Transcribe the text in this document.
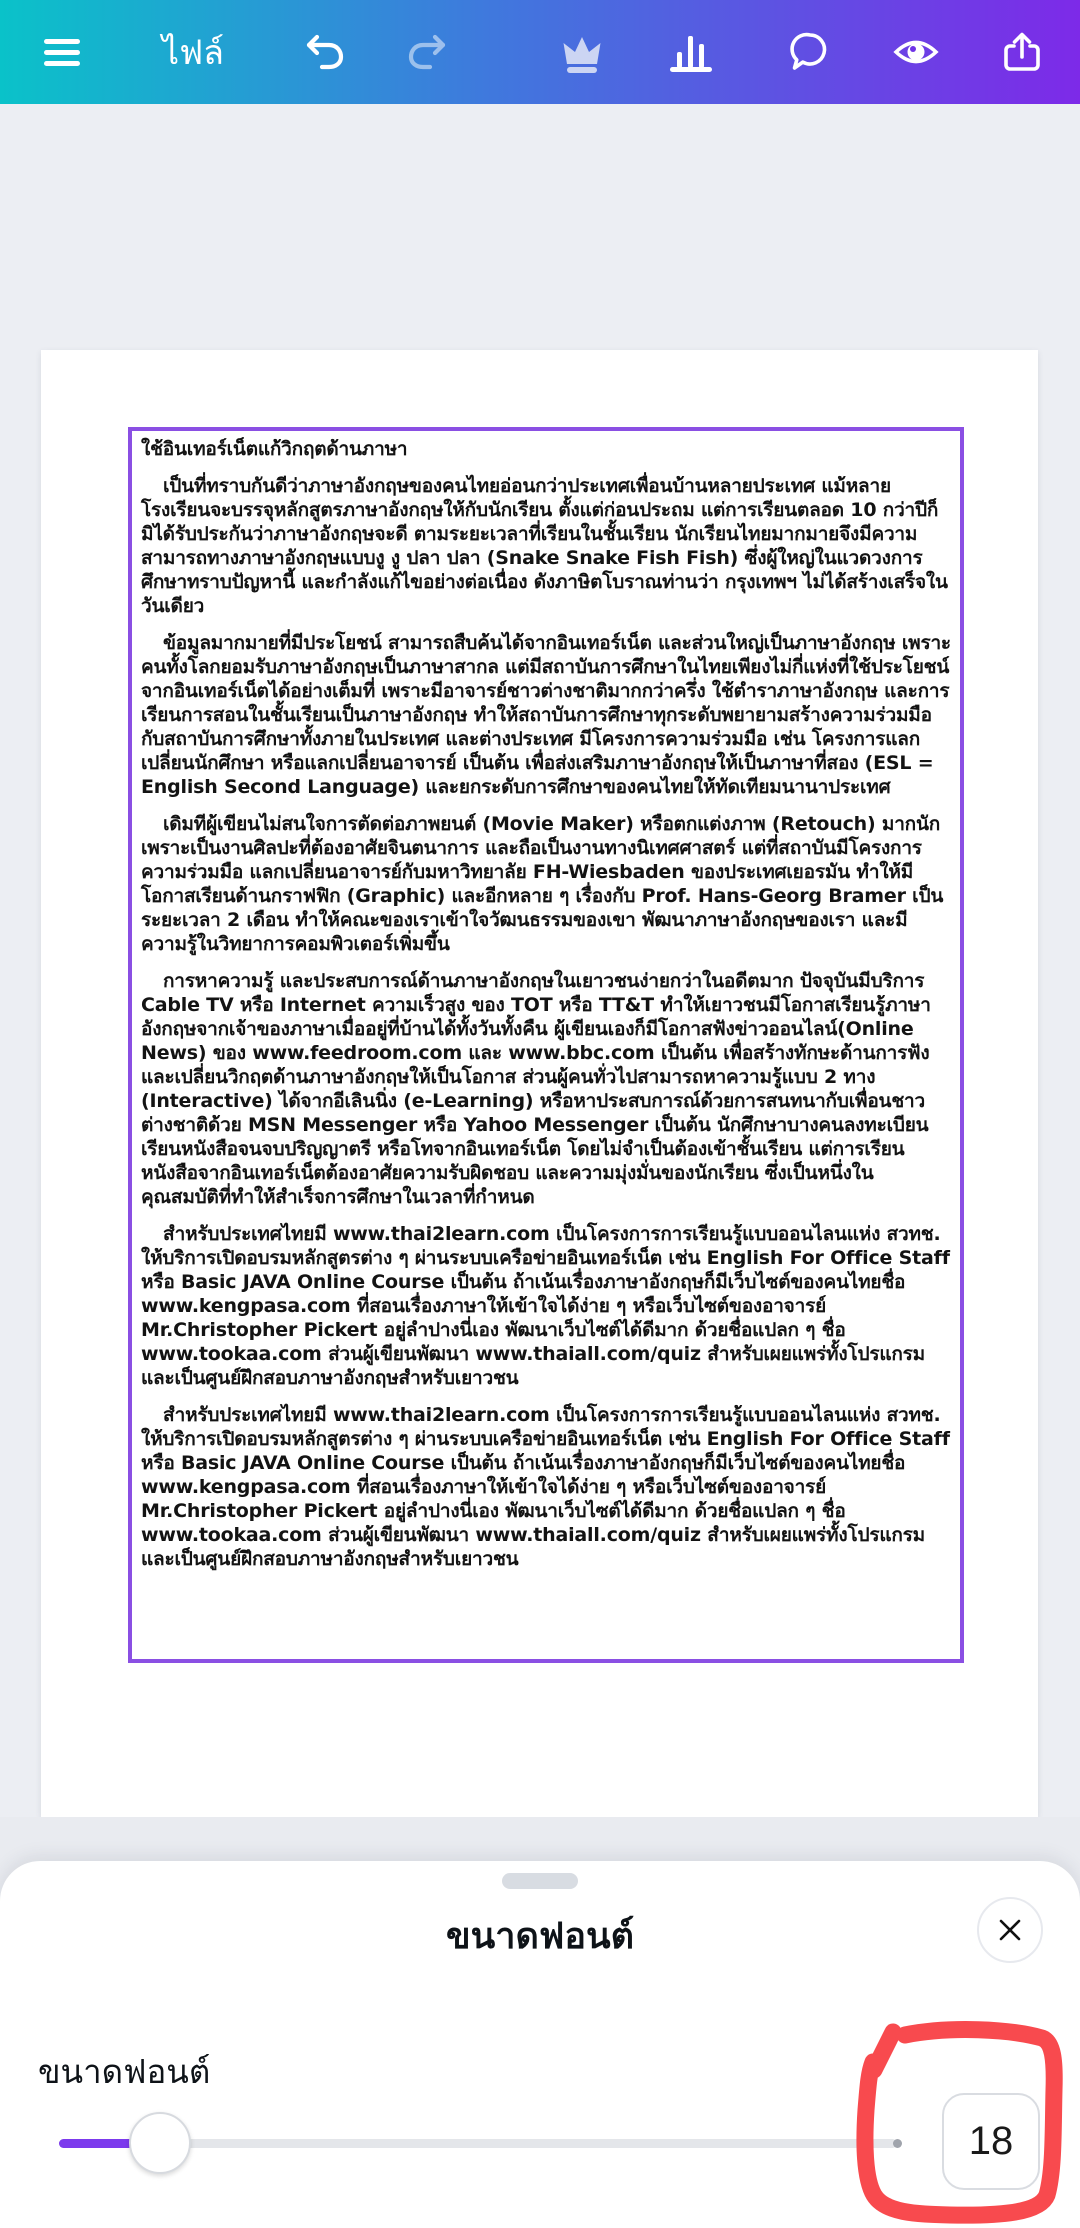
ไฟล์

ใช้อินเทอร์เน็ตแก้วิกฤตด้านภาษา

เป็นที่ทราบกันดีว่าภาษาอังกฤษของคนไทยอ่อนกว่าประเทศเพื่อนบ้านหลายประเทศ แม้หลายโรงเรียนจะบรรจุหลักสูตรภาษาอังกฤษให้กับนักเรียน ตั้งแต่ก่อนประถม แต่การเรียนตลอด 10 กว่าปีก็มิได้รับประกันว่าภาษาอังกฤษจะดี ตามระยะเวลาที่เรียนในชั้นเรียน นักเรียนไทยมากมายจึงมีความสามารถทางภาษาอังกฤษแบบงู งู ปลา ปลา (Snake Snake Fish Fish) ซึ่งผู้ใหญ่ในแวดวงการศึกษาทราบปัญหานี้ และกำลังแก้ไขอย่างต่อเนื่อง ดังภาษิตโบราณท่านว่า กรุงเทพฯ ไม่ได้สร้างเสร็จในวันเดียว

ข้อมูลมากมายที่มีประโยชน์ สามารถสืบค้นได้จากอินเทอร์เน็ต และส่วนใหญ่เป็นภาษาอังกฤษ เพราะคนทั้งโลกยอมรับภาษาอังกฤษเป็นภาษาสากล แต่มีสถาบันการศึกษาในไทยเพียงไม่กี่แห่งที่ใช้ประโยชน์จากอินเทอร์เน็ตได้อย่างเต็มที่ เพราะมีอาจารย์ชาวต่างชาติมากกว่าครึ่ง ใช้ตำราภาษาอังกฤษ และการเรียนการสอนในชั้นเรียนเป็นภาษาอังกฤษ ทำให้สถาบันการศึกษาทุกระดับพยายามสร้างความร่วมมือกับสถาบันการศึกษาทั้งภายในประเทศ และต่างประเทศ มีโครงการความร่วมมือ เช่น โครงการแลกเปลี่ยนนักศึกษา หรือแลกเปลี่ยนอาจารย์ เป็นต้น เพื่อส่งเสริมภาษาอังกฤษให้เป็นภาษาที่สอง (ESL = English Second Language) และยกระดับการศึกษาของคนไทยให้ทัดเทียมนานาประเทศ

เดิมทีผู้เขียนไม่สนใจการตัดต่อภาพยนต์ (Movie Maker) หรือตกแต่งภาพ (Retouch) มากนัก เพราะเป็นงานศิลปะที่ต้องอาศัยจินตนาการ และถือเป็นงานทางนิเทศศาสตร์ แต่ที่สถาบันมีโครงการความร่วมมือ แลกเปลี่ยนอาจารย์กับมหาวิทยาลัย FH-Wiesbaden ของประเทศเยอรมัน ทำให้มีโอกาสเรียนด้านกราฟฟิก (Graphic) และอีกหลาย ๆ เรื่องกับ Prof. Hans-Georg Bramer เป็นระยะเวลา 2 เดือน ทำให้คณะของเราเข้าใจวัฒนธรรมของเขา พัฒนาภาษาอังกฤษของเรา และมีความรู้ในวิทยาการคอมพิวเตอร์เพิ่มขึ้น

การหาความรู้ และประสบการณ์ด้านภาษาอังกฤษในเยาวชนง่ายกว่าในอดีตมาก ปัจจุบันมีบริการ Cable TV หรือ Internet ความเร็วสูง ของ TOT หรือ TT&T ทำให้เยาวชนมีโอกาสเรียนรู้ภาษาอังกฤษจากเจ้าของภาษาเมื่ออยู่ที่บ้านได้ทั้งวันทั้งคืน ผู้เขียนเองก็มีโอกาสฟังข่าวออนไลน์(Online News) ของ www.feedroom.com และ www.bbc.com เป็นต้น เพื่อสร้างทักษะด้านการฟัง และเปลี่ยนวิกฤตด้านภาษาอังกฤษให้เป็นโอกาส ส่วนผู้คนทั่วไปสามารถหาความรู้แบบ 2 ทาง (Interactive) ได้จากอีเลินนิ่ง (e-Learning) หรือหาประสบการณ์ด้วยการสนทนากับเพื่อนชาวต่างชาติด้วย MSN Messenger หรือ Yahoo Messenger เป็นต้น นักศึกษาบางคนลงทะเบียนเรียนหนังสือจนจบปริญญาตรี หรือโทจากอินเทอร์เน็ต โดยไม่จำเป็นต้องเข้าชั้นเรียน แต่การเรียนหนังสือจากอินเทอร์เน็ตต้องอาศัยความรับผิดชอบ และความมุ่งมั่นของนักเรียน ซึ่งเป็นหนึ่งในคุณสมบัติที่ทำให้สำเร็จการศึกษาในเวลาที่กำหนด

สำหรับประเทศไทยมี www.thai2learn.com เป็นโครงการการเรียนรู้แบบออนไลนแห่ง สวทช. ให้บริการเปิดอบรมหลักสูตรต่าง ๆ ผ่านระบบเครือข่ายอินเทอร์เน็ต เช่น English For Office Staff หรือ Basic JAVA Online Course เป็นต้น ถ้าเน้นเรื่องภาษาอังกฤษก็มีเว็บไซต์ของคนไทยชื่อ www.kengpasa.com ที่สอนเรื่องภาษาให้เข้าใจได้ง่าย ๆ หรือเว็บไซต์ของอาจารย์ Mr.Christopher Pickert อยู่ลำปางนี่เอง พัฒนาเว็บไซต์ได้ดีมาก ด้วยชื่อแปลก ๆ ชื่อ www.tookaa.com ส่วนผู้เขียนพัฒนา www.thaiall.com/quiz สำหรับเผยแพร่ทั้งโปรแกรมและเป็นศูนย์ฝึกสอบภาษาอังกฤษสำหรับเยาวชน

สำหรับประเทศไทยมี www.thai2learn.com เป็นโครงการการเรียนรู้แบบออนไลนแห่ง สวทช. ให้บริการเปิดอบรมหลักสูตรต่าง ๆ ผ่านระบบเครือข่ายอินเทอร์เน็ต เช่น English For Office Staff หรือ Basic JAVA Online Course เป็นต้น ถ้าเน้นเรื่องภาษาอังกฤษก็มีเว็บไซต์ของคนไทยชื่อ www.kengpasa.com ที่สอนเรื่องภาษาให้เข้าใจได้ง่าย ๆ หรือเว็บไซต์ของอาจารย์ Mr.Christopher Pickert อยู่ลำปางนี่เอง พัฒนาเว็บไซต์ได้ดีมาก ด้วยชื่อแปลก ๆ ชื่อ www.tookaa.com ส่วนผู้เขียนพัฒนา www.thaiall.com/quiz สำหรับเผยแพร่ทั้งโปรแกรมและเป็นศูนย์ฝึกสอบภาษาอังกฤษสำหรับเยาวชน

ขนาดฟอนต์
ขนาดฟอนต์
18
